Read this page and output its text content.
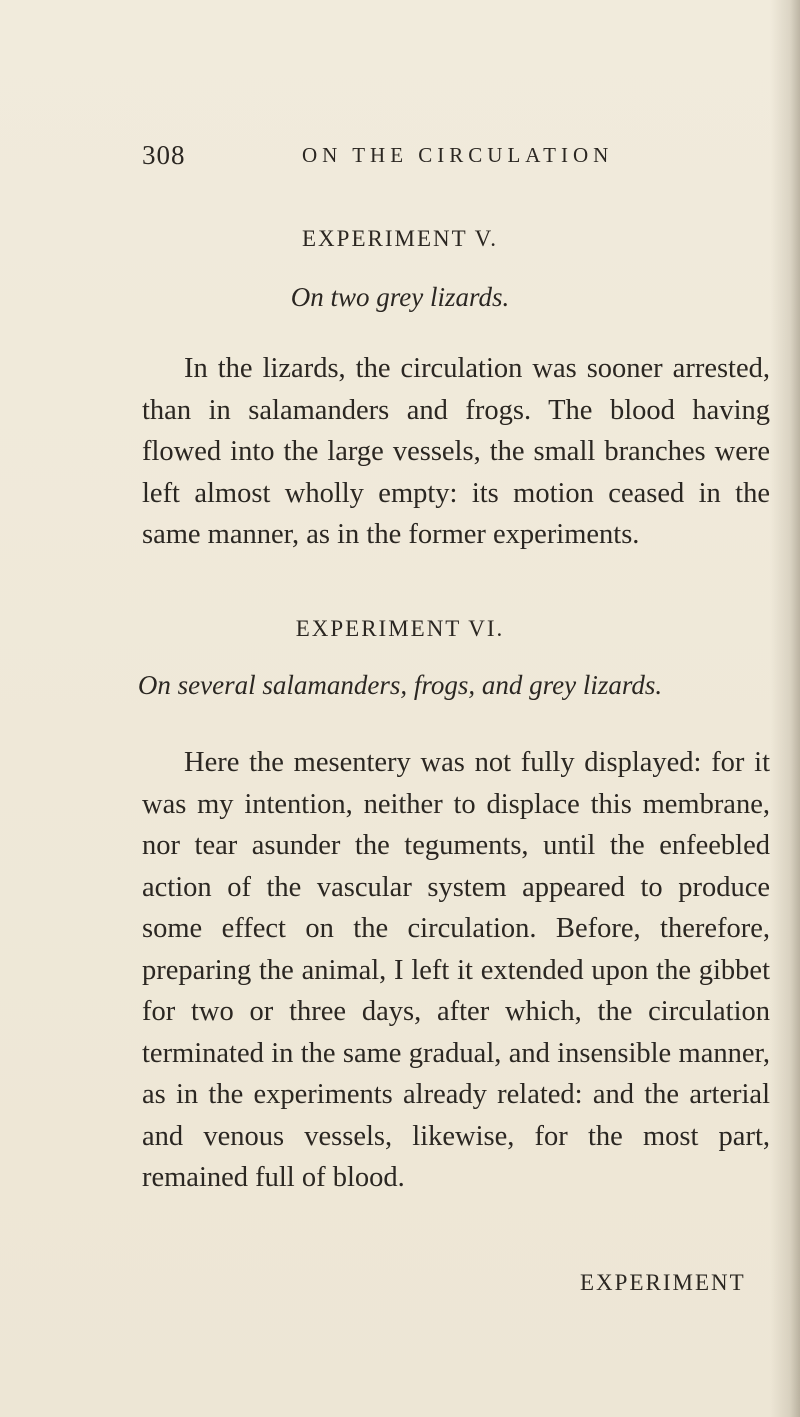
308	ON THE CIRCULATION
EXPERIMENT V.
On two grey lizards.

In the lizards, the circulation was sooner arrested, than in salamanders and frogs. The blood having flowed into the large vessels, the small branches were left almost wholly empty: its motion ceased in the same manner, as in the former experiments.

EXPERIMENT VI.
On several salamanders, frogs, and grey lizards.

Here the mesentery was not fully displayed: for it was my intention, neither to displace this membrane, nor tear asunder the teguments, until the enfeebled action of the vascular system appeared to produce some effect on the circulation. Before, therefore, preparing the animal, I left it extended upon the gibbet for two or three days, after which, the circulation terminated in the same gradual, and insensible manner, as in the experiments already related: and the arterial and venous vessels, likewise, for the most part, remained full of blood.

EXPERIMENT
